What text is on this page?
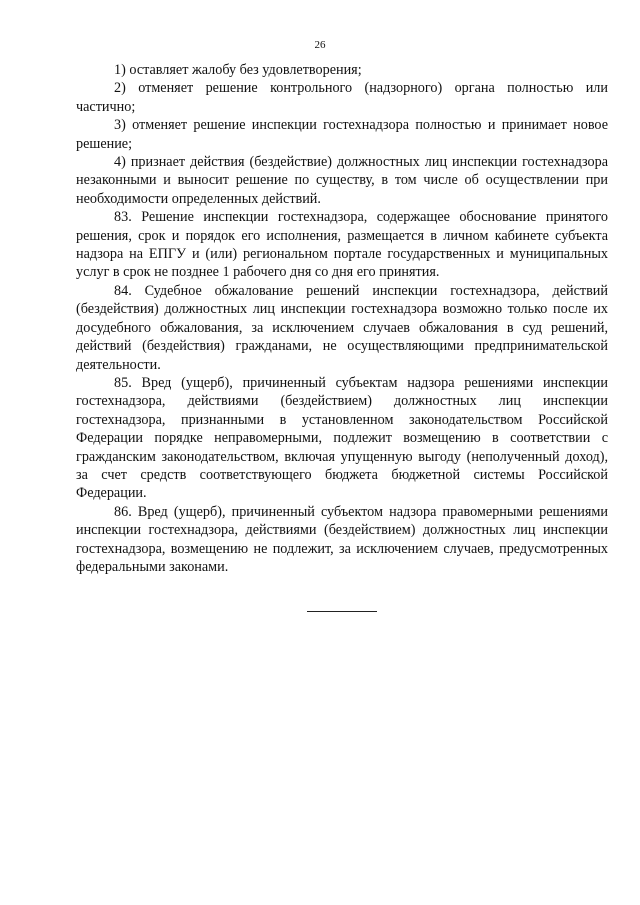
26

1) оставляет жалобу без удовлетворения;

2) отменяет решение контрольного (надзорного) органа полностью или частично;

3) отменяет решение инспекции гостехнадзора полностью и принимает новое решение;

4) признает действия (бездействие) должностных лиц инспекции гостехнадзора незаконными и выносит решение по существу, в том числе об осуществлении при необходимости определенных действий.

83. Решение инспекции гостехнадзора, содержащее обоснование принятого решения, срок и порядок его исполнения, размещается в личном кабинете субъекта надзора на ЕПГУ и (или) региональном портале государственных и муниципальных услуг в срок не позднее 1 рабочего дня со дня его принятия.

84. Судебное обжалование решений инспекции гостехнадзора, действий (бездействия) должностных лиц инспекции гостехнадзора возможно только после их досудебного обжалования, за исключением случаев обжалования в суд решений, действий (бездействия) гражданами, не осуществляющими предпринимательской деятельности.

85. Вред (ущерб), причиненный субъектам надзора решениями инспекции гостехнадзора, действиями (бездействием) должностных лиц инспекции гостехнадзора, признанными в установленном законодательством Российской Федерации порядке неправомерными, подлежит возмещению в соответствии с гражданским законодательством, включая упущенную выгоду (неполученный доход), за счет средств соответствующего бюджета бюджетной системы Российской Федерации.

86. Вред (ущерб), причиненный субъектом надзора правомерными решениями инспекции гостехнадзора, действиями (бездействием) должностных лиц инспекции гостехнадзора, возмещению не подлежит, за исключением случаев, предусмотренных федеральными законами.
